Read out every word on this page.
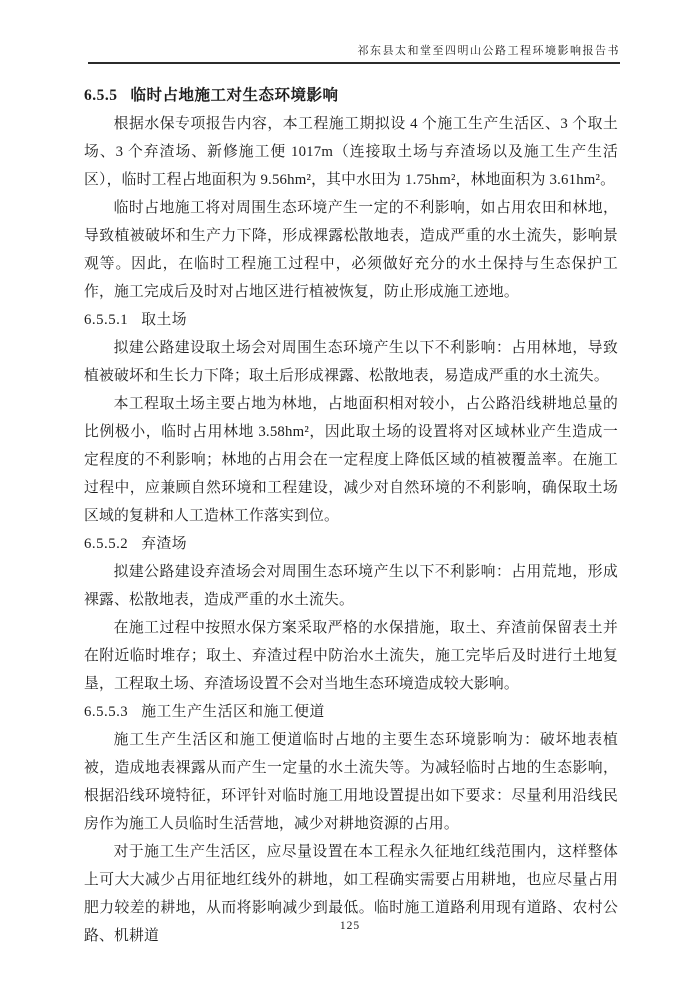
祁东县太和堂至四明山公路工程环境影响报告书
6.5.5 临时占地施工对生态环境影响

根据水保专项报告内容，本工程施工期拟设 4 个施工生产生活区、3 个取土场、3 个弃渣场、新修施工便 1017m（连接取土场与弃渣场以及施工生产生活区），临时工程占地面积为 9.56hm²，其中水田为 1.75hm²，林地面积为 3.61hm²。

临时占地施工将对周围生态环境产生一定的不利影响，如占用农田和林地，导致植被破坏和生产力下降，形成裸露松散地表，造成严重的水土流失，影响景观等。因此，在临时工程施工过程中，必须做好充分的水土保持与生态保护工作，施工完成后及时对占地区进行植被恢复，防止形成施工迹地。

6.5.5.1 取土场

拟建公路建设取土场会对周围生态环境产生以下不利影响：占用林地，导致植被破坏和生长力下降；取土后形成裸露、松散地表，易造成严重的水土流失。

本工程取土场主要占地为林地，占地面积相对较小，占公路沿线耕地总量的比例极小，临时占用林地 3.58hm²，因此取土场的设置将对区域林业产生造成一定程度的不利影响；林地的占用会在一定程度上降低区域的植被覆盖率。在施工过程中，应兼顾自然环境和工程建设，减少对自然环境的不利影响，确保取土场区域的复耕和人工造林工作落实到位。

6.5.5.2 弃渣场

拟建公路建设弃渣场会对周围生态环境产生以下不利影响：占用荒地，形成裸露、松散地表，造成严重的水土流失。

在施工过程中按照水保方案采取严格的水保措施，取土、弃渣前保留表土并在附近临时堆存；取土、弃渣过程中防治水土流失，施工完毕后及时进行土地复垦，工程取土场、弃渣场设置不会对当地生态环境造成较大影响。

6.5.5.3 施工生产生活区和施工便道

施工生产生活区和施工便道临时占地的主要生态环境影响为：破坏地表植被，造成地表裸露从而产生一定量的水土流失等。为减轻临时占地的生态影响，根据沿线环境特征，环评针对临时施工用地设置提出如下要求：尽量利用沿线民房作为施工人员临时生活营地，减少对耕地资源的占用。

对于施工生产生活区，应尽量设置在本工程永久征地红线范围内，这样整体上可大大减少占用征地红线外的耕地，如工程确实需要占用耕地，也应尽量占用肥力较差的耕地，从而将影响减少到最低。临时施工道路利用现有道路、农村公路、机耕道

125
